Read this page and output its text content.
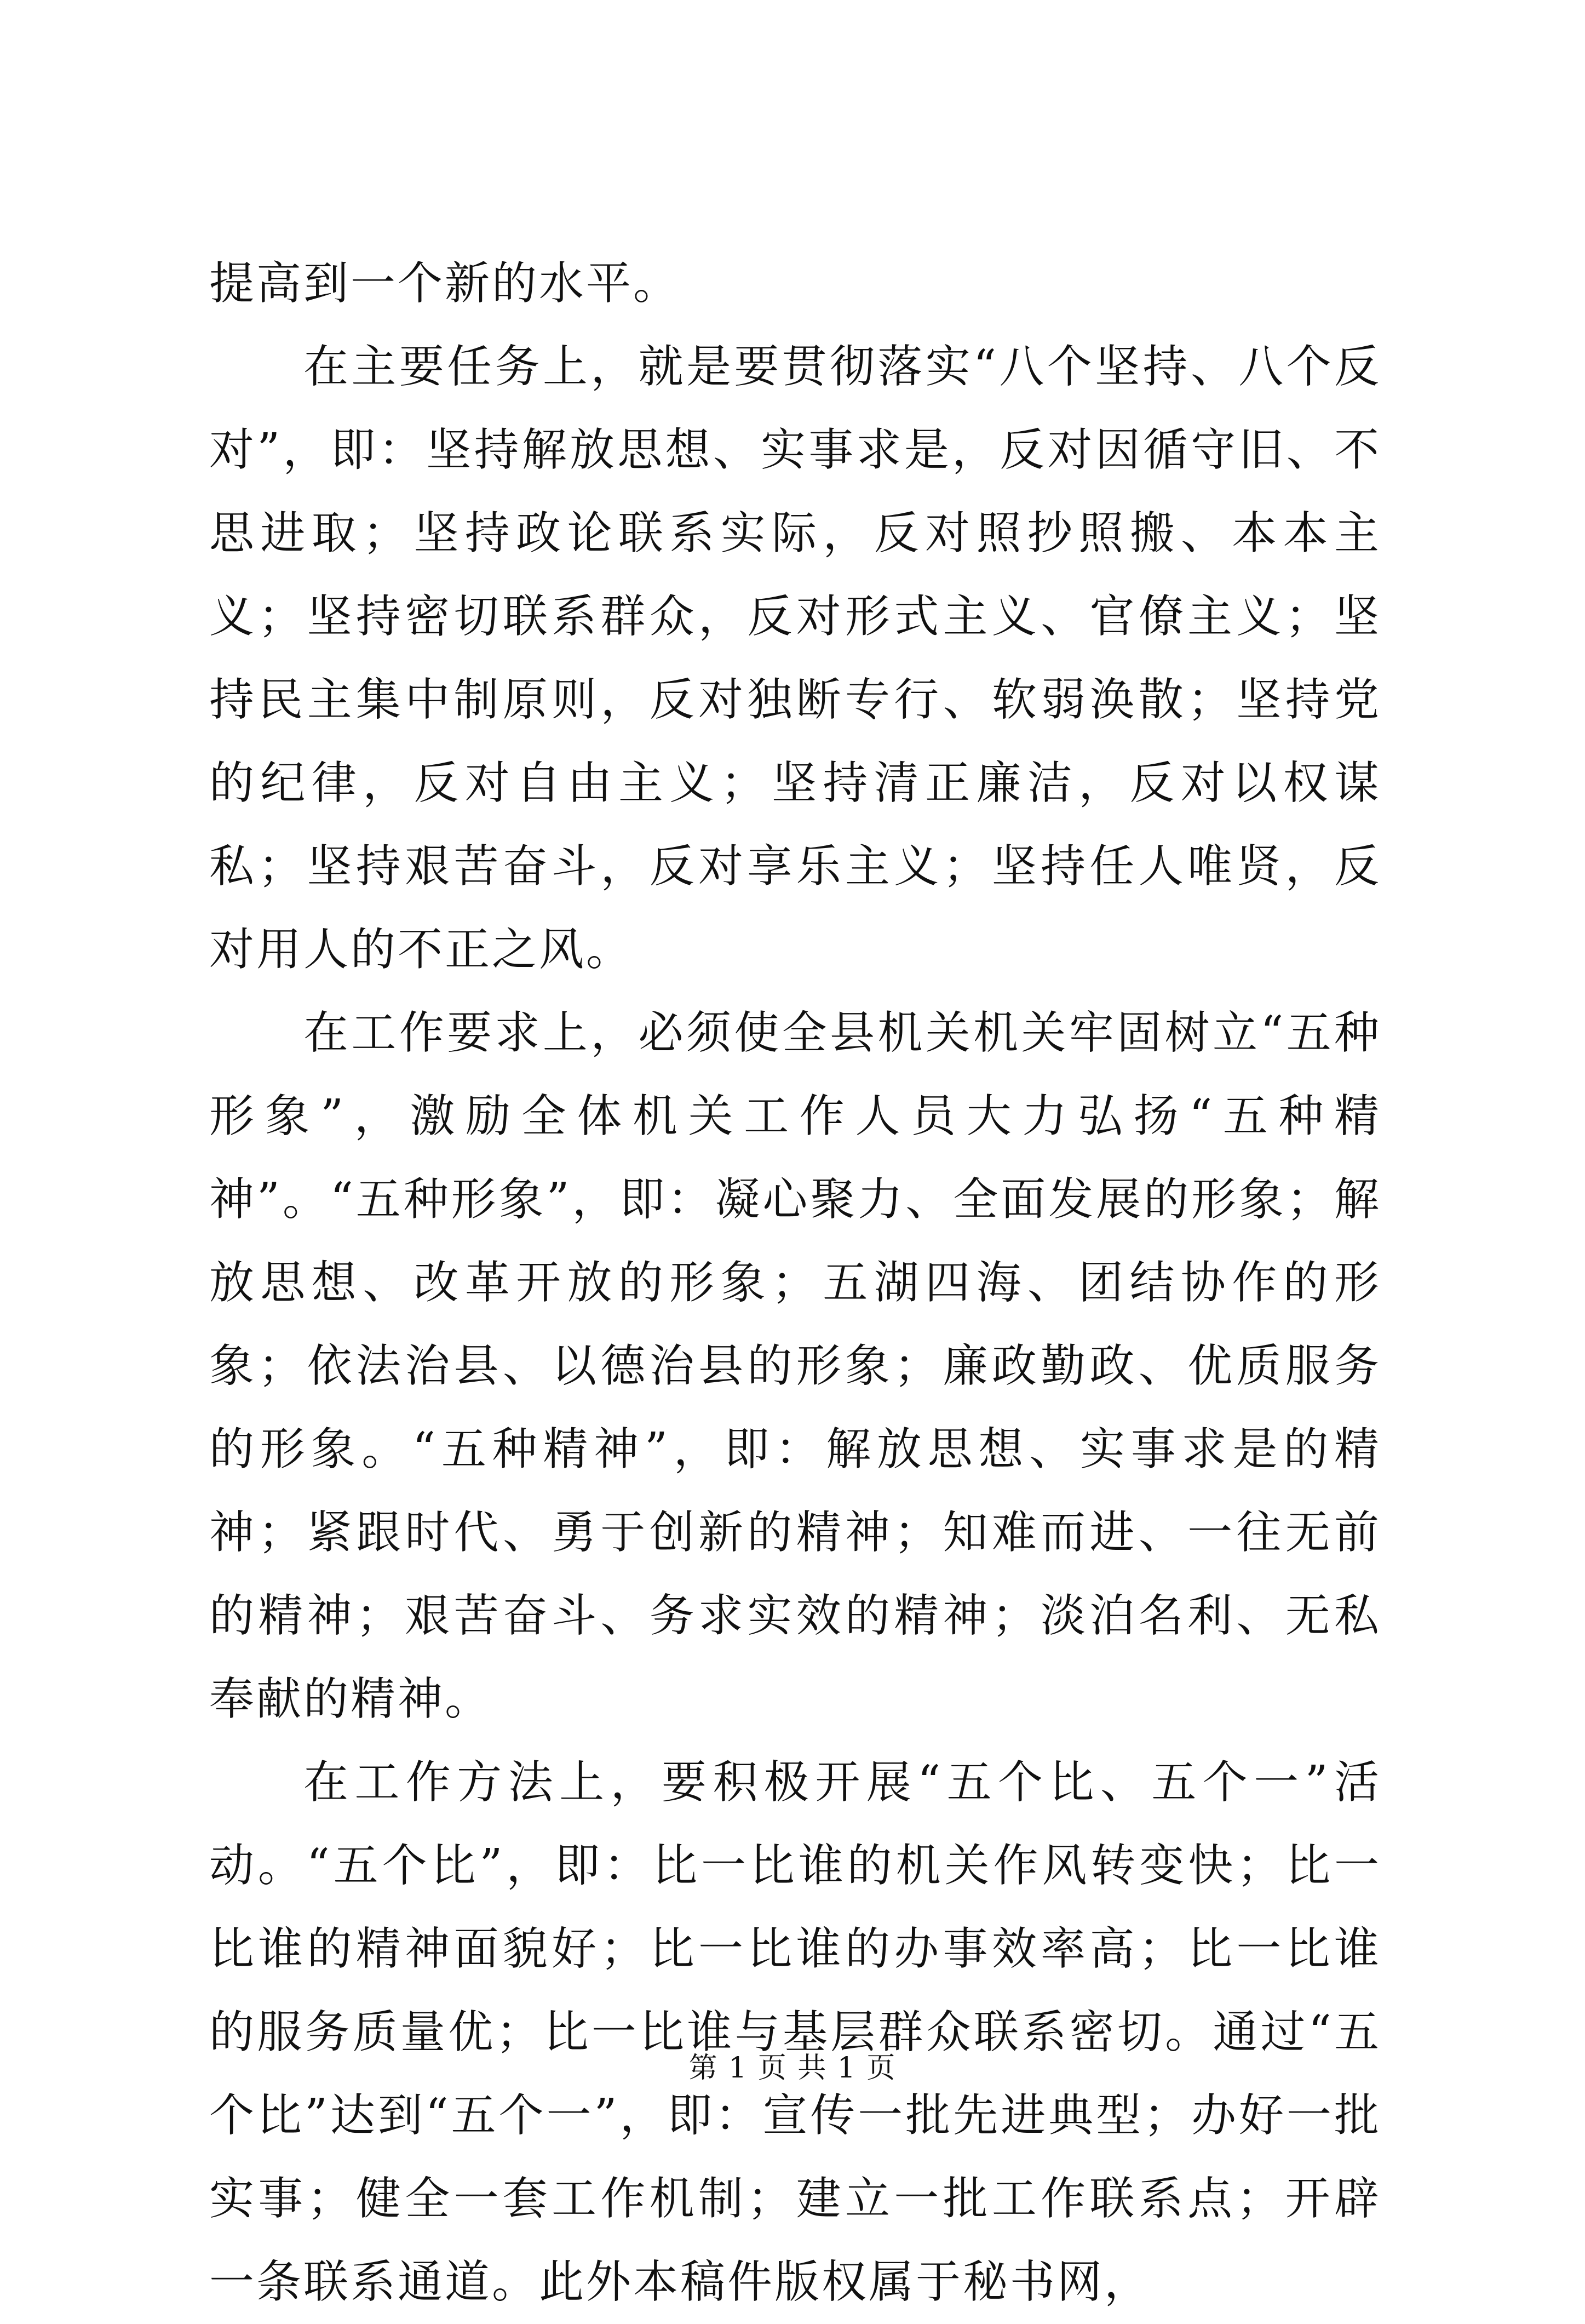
提高到一个新的水平。

在主要任务上，就是要贯彻落实“八个坚持、八个反对”，即：坚持解放思想、实事求是，反对因循守旧、不思进取；坚持政论联系实际，反对照抄照搬、本本主义；坚持密切联系群众，反对形式主义、官僚主义；坚持民主集中制原则，反对独断专行、软弱涣散；坚持党的纪律，反对自由主义；坚持清正廉洁，反对以权谋私；坚持艰苦奋斗，反对享乐主义；坚持任人唯贤，反对用人的不正之风。

在工作要求上，必须使全县机关机关牢固树立“五种形象”，激励全体机关工作人员大力弘扬“五种精神”。“五种形象”，即：凝心聚力、全面发展的形象；解放思想、改革开放的形象；五湖四海、团结协作的形象；依法治县、以德治县的形象；廉政勤政、优质服务的形象。“五种精神”，即：解放思想、实事求是的精神；紧跟时代、勇于创新的精神；知难而进、一往无前的精神；艰苦奋斗、务求实效的精神；淡泊名利、无私奉献的精神。

在工作方法上，要积极开展“五个比、五个一”活动。“五个比”，即：比一比谁的机关作风转变快；比一比谁的精神面貌好；比一比谁的办事效率高；比一比谁的服务质量优；比一比谁与基层群众联系密切。通过“五个比”达到“五个一”，即：宣传一批先进典型；办好一批实事；健全一套工作机制；建立一批工作联系点；开辟一条联系通道。此外本稿件版权属于秘书网，

第 1 页 共 1 页
